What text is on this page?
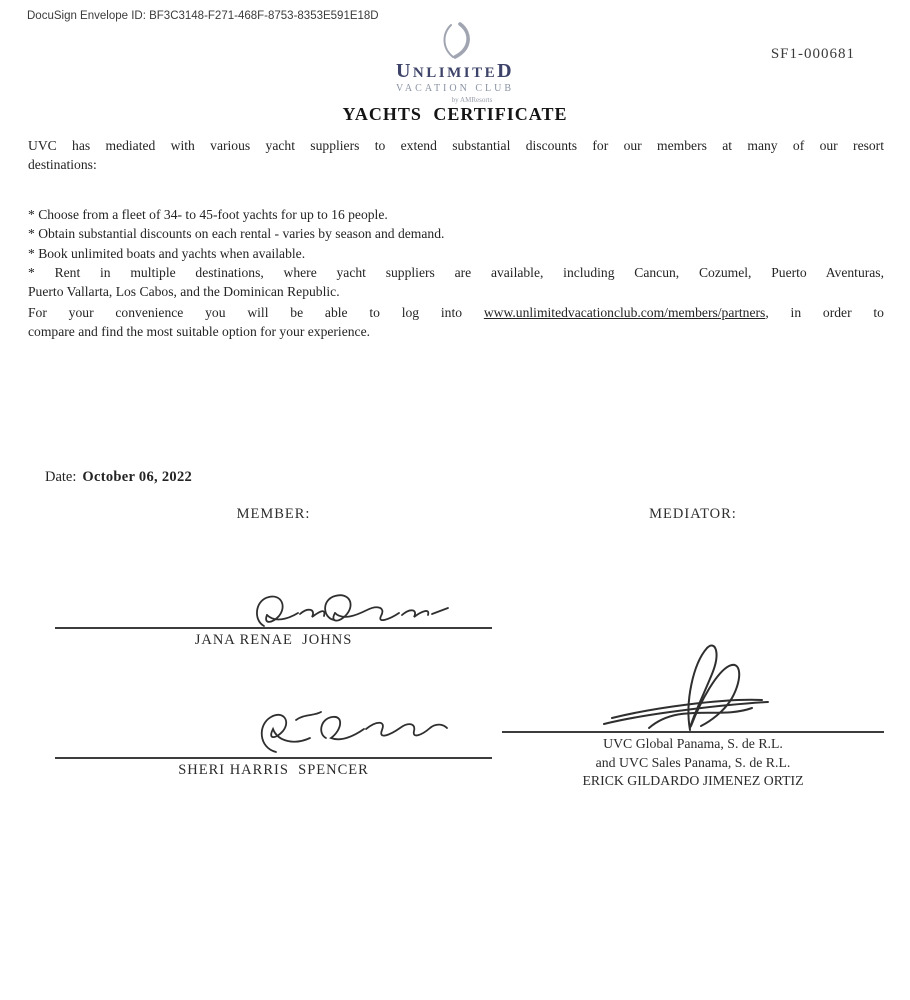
DocuSign Envelope ID: BF3C3148-F271-468F-8753-8353E591E18D
UNLIMITED
VACATION CLUB
by AMResorts
SF1-000681
YACHTS CERTIFICATE
UVC has mediated with various yacht suppliers to extend substantial discounts for our members at many of our resort
destinations:
* Choose from a fleet of 34- to 45-foot yachts for up to 16 people.
* Obtain substantial discounts on each rental - varies by season and demand.
* Book unlimited boats and yachts when available.
* Rent in multiple destinations, where yacht suppliers are available, including Cancun, Cozumel, Puerto Aventuras,
Puerto Vallarta, Los Cabos, and the Dominican Republic.
For your convenience you will be able to log into www.unlimitedvacationclub.com/members/partners, in order to
compare and find the most suitable option for your experience.
Date: October 06, 2022
MEMBER:	MEDIATOR:
JANA RENAE  JOHNS
SHERI HARRIS  SPENCER
UVC Global Panama, S. de R.L.
and UVC Sales Panama, S. de R.L.
ERICK GILDARDO JIMENEZ ORTIZ
